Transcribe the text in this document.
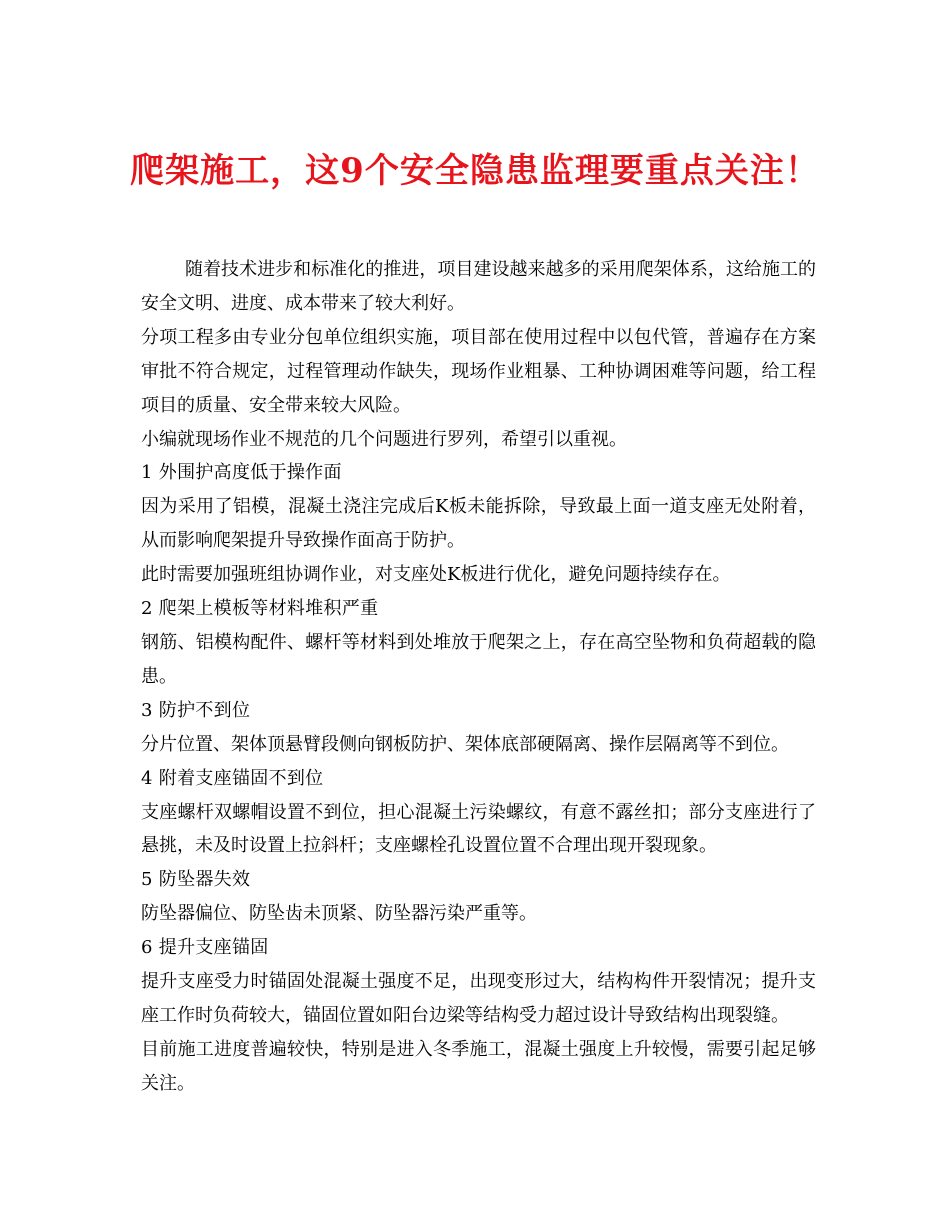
爬架施工，这9个安全隐患监理要重点关注！

随着技术进步和标准化的推进，项目建设越来越多的采用爬架体系，这给施工的安全文明、进度、成本带来了较大利好。

分项工程多由专业分包单位组织实施，项目部在使用过程中以包代管，普遍存在方案审批不符合规定，过程管理动作缺失，现场作业粗暴、工种协调困难等问题，给工程项目的质量、安全带来较大风险。

小编就现场作业不规范的几个问题进行罗列，希望引以重视。

1 外围护高度低于操作面

因为采用了铝模，混凝土浇注完成后K板未能拆除，导致最上面一道支座无处附着，从而影响爬架提升导致操作面高于防护。

此时需要加强班组协调作业，对支座处K板进行优化，避免问题持续存在。

2 爬架上模板等材料堆积严重

钢筋、铝模构配件、螺杆等材料到处堆放于爬架之上，存在高空坠物和负荷超载的隐患。

3 防护不到位

分片位置、架体顶悬臂段侧向钢板防护、架体底部硬隔离、操作层隔离等不到位。

4 附着支座锚固不到位

支座螺杆双螺帽设置不到位，担心混凝土污染螺纹，有意不露丝扣；部分支座进行了悬挑，未及时设置上拉斜杆；支座螺栓孔设置位置不合理出现开裂现象。

5 防坠器失效

防坠器偏位、防坠齿未顶紧、防坠器污染严重等。

6 提升支座锚固

提升支座受力时锚固处混凝土强度不足，出现变形过大，结构构件开裂情况；提升支座工作时负荷较大，锚固位置如阳台边梁等结构受力超过设计导致结构出现裂缝。

目前施工进度普遍较快，特别是进入冬季施工，混凝土强度上升较慢，需要引起足够关注。
